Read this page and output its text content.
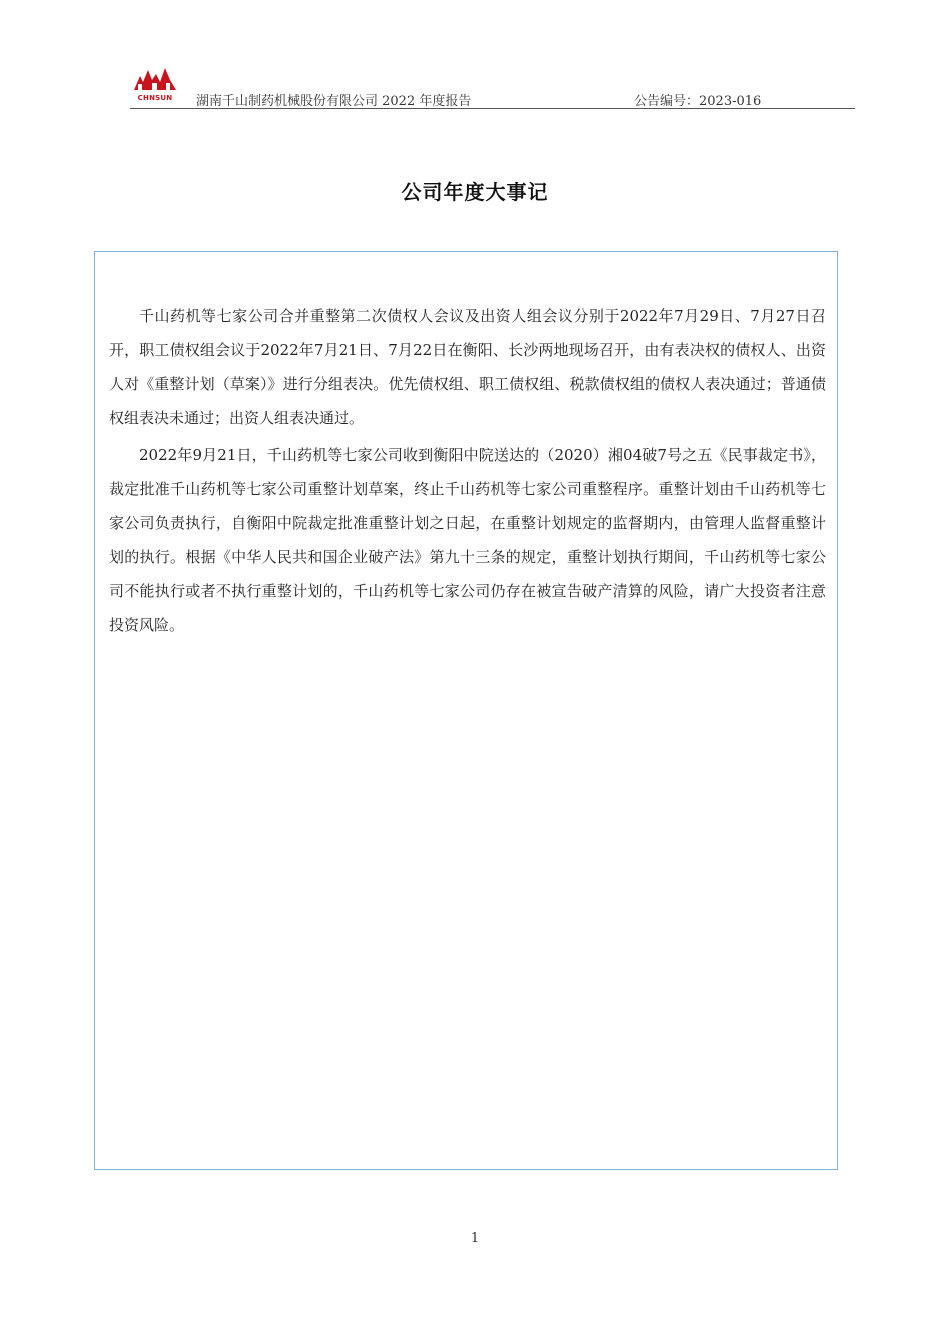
CHNSUN	湖南千山制药机械股份有限公司 2022 年度报告	公告编号：2023-016
公司年度大事记

千山药机等七家公司合并重整第二次债权人会议及出资人组会议分别于2022年7月29日、7月27日召开，职工债权组会议于2022年7月21日、7月22日在衡阳、长沙两地现场召开，由有表决权的债权人、出资人对《重整计划（草案）》进行分组表决。优先债权组、职工债权组、税款债权组的债权人表决通过；普通债权组表决未通过；出资人组表决通过。

2022年9月21日，千山药机等七家公司收到衡阳中院送达的（2020）湘04破7号之五《民事裁定书》，裁定批准千山药机等七家公司重整计划草案，终止千山药机等七家公司重整程序。重整计划由千山药机等七家公司负责执行，自衡阳中院裁定批准重整计划之日起，在重整计划规定的监督期内，由管理人监督重整计划的执行。根据《中华人民共和国企业破产法》第九十三条的规定，重整计划执行期间，千山药机等七家公司不能执行或者不执行重整计划的，千山药机等七家公司仍存在被宣告破产清算的风险，请广大投资者注意投资风险。

1
